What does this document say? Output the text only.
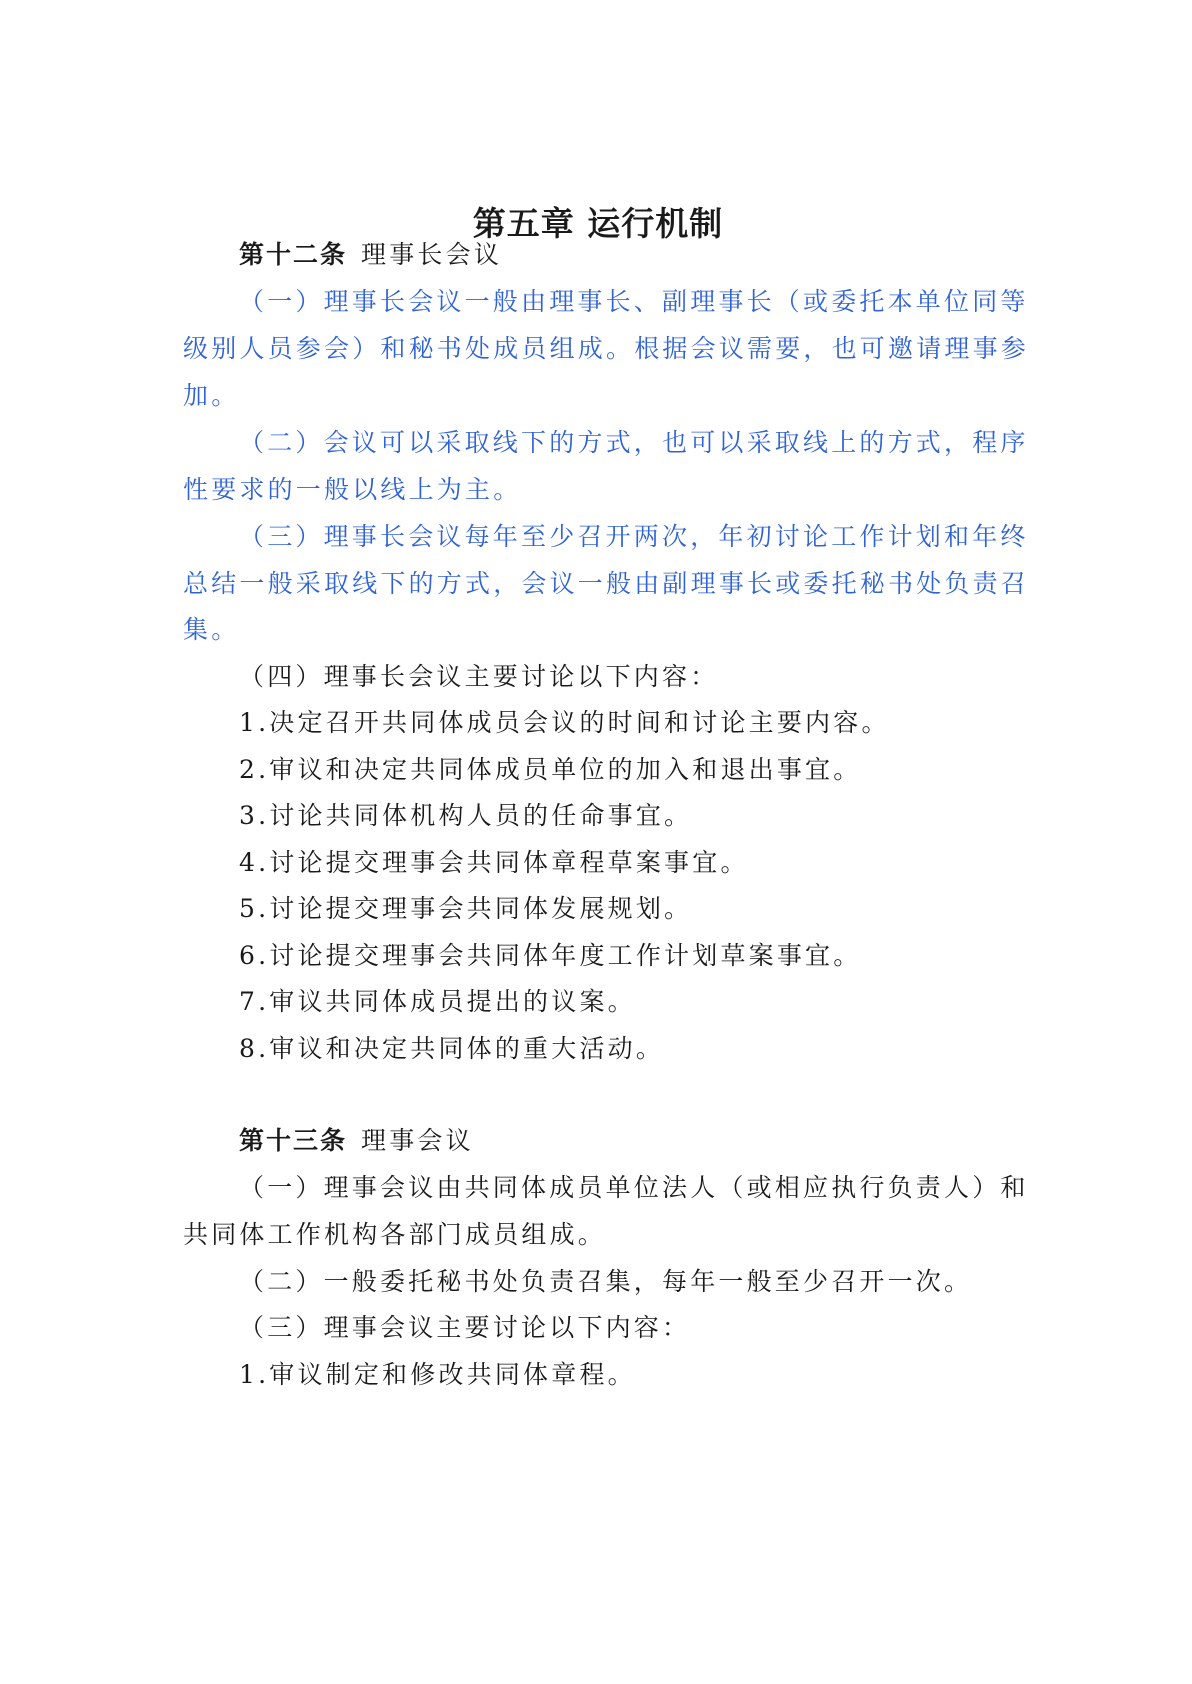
第五章 运行机制
第十二条 理事长会议
（一）理事长会议一般由理事长、副理事长（或委托本单位同等
级别人员参会）和秘书处成员组成。根据会议需要，也可邀请理事参
加。
（二）会议可以采取线下的方式，也可以采取线上的方式，程序
性要求的一般以线上为主。
（三）理事长会议每年至少召开两次，年初讨论工作计划和年终
总结一般采取线下的方式，会议一般由副理事长或委托秘书处负责召
集。
（四）理事长会议主要讨论以下内容：
1.决定召开共同体成员会议的时间和讨论主要内容。
2.审议和决定共同体成员单位的加入和退出事宜。
3.讨论共同体机构人员的任命事宜。
4.讨论提交理事会共同体章程草案事宜。
5.讨论提交理事会共同体发展规划。
6.讨论提交理事会共同体年度工作计划草案事宜。
7.审议共同体成员提出的议案。
8.审议和决定共同体的重大活动。
第十三条 理事会议
（一）理事会议由共同体成员单位法人（或相应执行负责人）和
共同体工作机构各部门成员组成。
（二）一般委托秘书处负责召集，每年一般至少召开一次。
（三）理事会议主要讨论以下内容：
1.审议制定和修改共同体章程。
